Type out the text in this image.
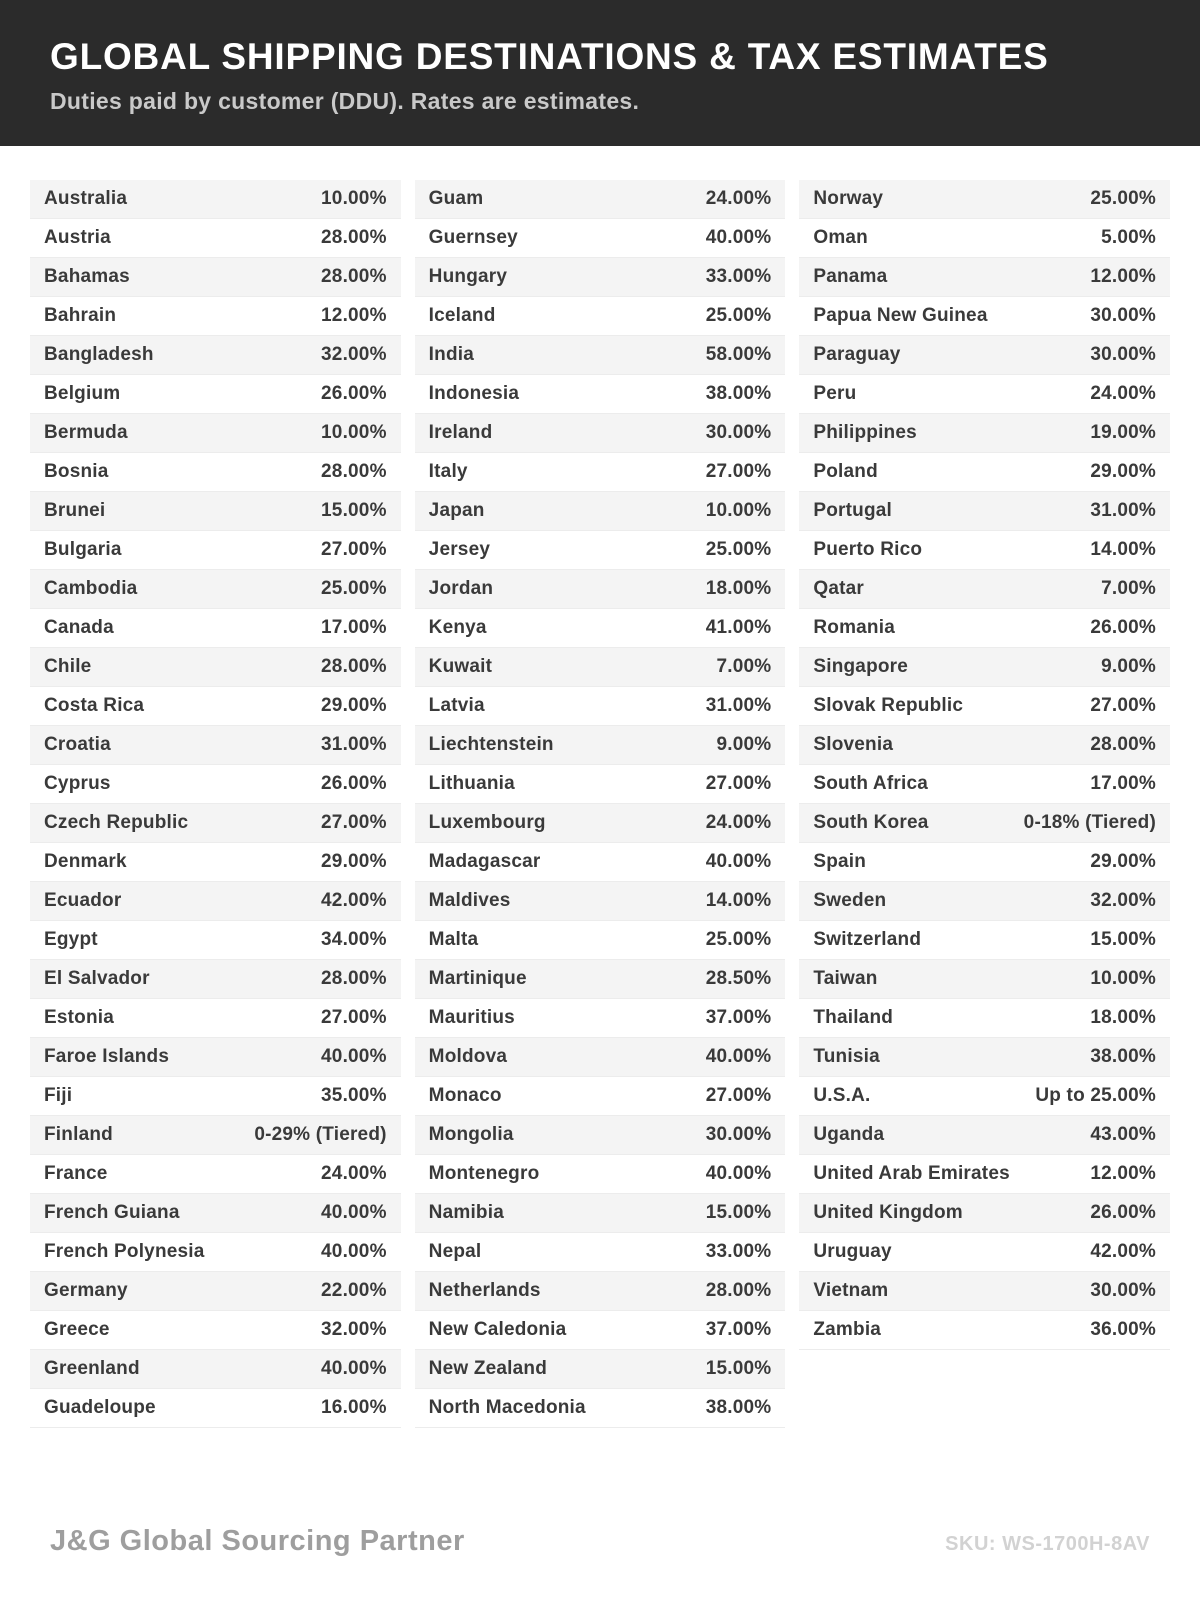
GLOBAL SHIPPING DESTINATIONS & TAX ESTIMATES
Duties paid by customer (DDU). Rates are estimates.
Australia	10.00%
Austria	28.00%
Bahamas	28.00%
Bahrain	12.00%
Bangladesh	32.00%
Belgium	26.00%
Bermuda	10.00%
Bosnia	28.00%
Brunei	15.00%
Bulgaria	27.00%
Cambodia	25.00%
Canada	17.00%
Chile	28.00%
Costa Rica	29.00%
Croatia	31.00%
Cyprus	26.00%
Czech Republic	27.00%
Denmark	29.00%
Ecuador	42.00%
Egypt	34.00%
El Salvador	28.00%
Estonia	27.00%
Faroe Islands	40.00%
Fiji	35.00%
Finland	0-29% (Tiered)
France	24.00%
French Guiana	40.00%
French Polynesia	40.00%
Germany	22.00%
Greece	32.00%
Greenland	40.00%
Guadeloupe	16.00%
Guam	24.00%
Guernsey	40.00%
Hungary	33.00%
Iceland	25.00%
India	58.00%
Indonesia	38.00%
Ireland	30.00%
Italy	27.00%
Japan	10.00%
Jersey	25.00%
Jordan	18.00%
Kenya	41.00%
Kuwait	7.00%
Latvia	31.00%
Liechtenstein	9.00%
Lithuania	27.00%
Luxembourg	24.00%
Madagascar	40.00%
Maldives	14.00%
Malta	25.00%
Martinique	28.50%
Mauritius	37.00%
Moldova	40.00%
Monaco	27.00%
Mongolia	30.00%
Montenegro	40.00%
Namibia	15.00%
Nepal	33.00%
Netherlands	28.00%
New Caledonia	37.00%
New Zealand	15.00%
North Macedonia	38.00%
Norway	25.00%
Oman	5.00%
Panama	12.00%
Papua New Guinea	30.00%
Paraguay	30.00%
Peru	24.00%
Philippines	19.00%
Poland	29.00%
Portugal	31.00%
Puerto Rico	14.00%
Qatar	7.00%
Romania	26.00%
Singapore	9.00%
Slovak Republic	27.00%
Slovenia	28.00%
South Africa	17.00%
South Korea	0-18% (Tiered)
Spain	29.00%
Sweden	32.00%
Switzerland	15.00%
Taiwan	10.00%
Thailand	18.00%
Tunisia	38.00%
U.S.A.	Up to 25.00%
Uganda	43.00%
United Arab Emirates	12.00%
United Kingdom	26.00%
Uruguay	42.00%
Vietnam	30.00%
Zambia	36.00%
J&G Global Sourcing Partner	SKU: WS-1700H-8AV
